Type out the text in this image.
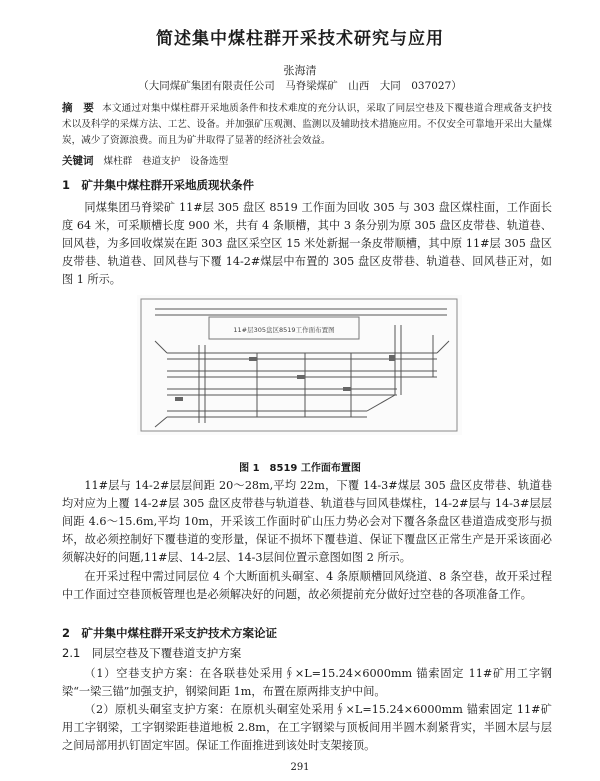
简述集中煤柱群开采技术研究与应用
张海清
（大同煤矿集团有限责任公司　马脊梁煤矿　山西　大同　037027）
摘　要 本文通过对集中煤柱群开采地质条件和技术难度的充分认识，采取了同层空巷及下覆巷道合理戒备支护技术以及科学的采煤方法、工艺、设备。并加强矿压观测、监测以及辅助技术措施应用。不仅安全可靠地开采出大量煤炭，减少了资源浪费。而且为矿井取得了显著的经济社会效益。
关键词 煤柱群　巷道支护　设备选型
1　矿井集中煤柱群开采地质现状条件
同煤集团马脊梁矿 11#层 305 盘区 8519 工作面为回收 305 与 303 盘区煤柱面，工作面长度 64 米，可采顺槽长度 900 米，共有 4 条顺槽，其中 3 条分别为原 305 盘区皮带巷、轨道巷、回风巷，为多回收煤炭在距 303 盘区采空区 15 米处新掘一条皮带顺槽，其中原 11#层 305 盘区皮带巷、轨道巷、回风巷与下覆 14-2#煤层中布置的 305 盘区皮带巷、轨道巷、回风巷正对，如图 1 所示。
11#层305盘区8519工作面布置图
图 1　8519 工作面布置图
11#层与 14-2#层层间距 20～28m,平均 22m，下覆 14-3#煤层 305 盘区皮带巷、轨道巷均对应为上覆 14-2#层 305 盘区皮带巷与轨道巷、轨道巷与回风巷煤柱，14-2#层与 14-3#层层间距 4.6～15.6m,平均 10m，开采该工作面时矿山压力势必会对下覆各条盘区巷道造成变形与损坏，故必须控制好下覆巷道的变形量，保证不损坏下覆巷道、保证下覆盘区正常生产是开采该面必须解决好的问题,11#层、14-2层、14-3层间位置示意图如图 2 所示。
在开采过程中需过同层位 4 个大断面机头硐室、4 条原顺槽回风绕道、8 条空巷，故开采过程中工作面过空巷顶板管理也是必须解决好的问题，故必须提前充分做好过空巷的各项准备工作。
2　矿井集中煤柱群开采支护技术方案论证
2.1　同层空巷及下覆巷道支护方案
（1）空巷支护方案：在各联巷处采用∮×L=15.24×6000mm 锚索固定 11#矿用工字钢梁“一梁三锚”加强支护，钢梁间距 1m，布置在原两排支护中间。
（2）原机头硐室支护方案：在原机头硐室处采用∮×L=15.24×6000mm 锚索固定 11#矿用工字钢梁，工字钢梁距巷道地板 2.8m，在工字钢梁与顶板间用半圆木刹紧背实，半圆木层与层之间局部用扒钉固定牢固。保证工作面推进到该处时支架接顶。
291
